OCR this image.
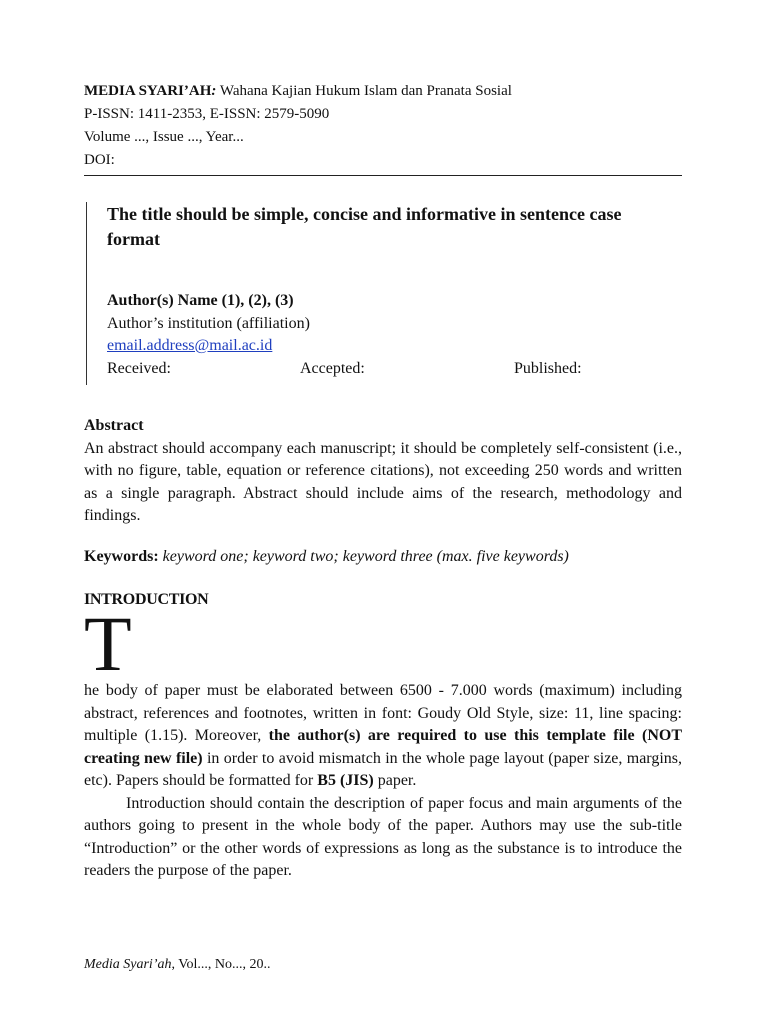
MEDIA SYARI’AH: Wahana Kajian Hukum Islam dan Pranata Sosial
P-ISSN: 1411-2353, E-ISSN: 2579-5090
Volume ..., Issue ..., Year...
DOI:
The title should be simple, concise and informative in sentence case format
Author(s) Name (1), (2), (3)
Author’s institution (affiliation)
email.address@mail.ac.id
Received:	Accepted:	Published:
Abstract
An abstract should accompany each manuscript; it should be completely self-consistent (i.e., with no figure, table, equation or reference citations), not exceeding 250 words and written as a single paragraph. Abstract should include aims of the research, methodology and findings.
Keywords: keyword one; keyword two; keyword three (max. five keywords)
INTRODUCTION
T

he body of paper must be elaborated between 6500 - 7.000 words (maximum) including abstract, references and footnotes, written in font: Goudy Old Style, size: 11, line spacing: multiple (1.15). Moreover, the author(s) are required to use this template file (NOT creating new file) in order to avoid mismatch in the whole page layout (paper size, margins, etc). Papers should be formatted for B5 (JIS) paper.

Introduction should contain the description of paper focus and main arguments of the authors going to present in the whole body of the paper. Authors may use the sub-title “Introduction” or the other words of expressions as long as the substance is to introduce the readers the purpose of the paper.

Media Syari’ah, Vol..., No..., 20..
